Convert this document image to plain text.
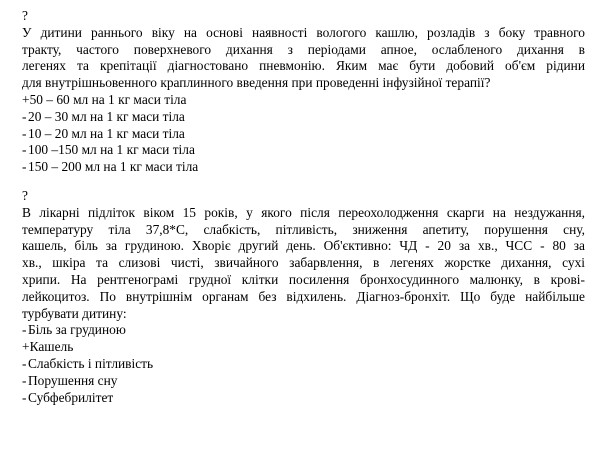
?
У дитини раннього віку на основі наявності вологого кашлю, розладів з боку травного
тракту, частого поверхневого дихання з періодами апное, ослабленого дихання в
легенях та крепітації діагностовано пневмонію. Яким має бути добовий об'єм рідини
для внутрішньовенного краплинного введення при проведенні інфузійної терапії?
+50 – 60 мл на 1 кг маси тіла
- 20 – 30 мл на 1 кг маси тіла
- 10 – 20 мл на 1 кг маси тіла
- 100 –150 мл на 1 кг маси тіла
- 150 – 200 мл на 1 кг маси тіла
?
В лікарні підліток віком 15 років, у якого після переохолодження скарги на нездужання,
температуру тіла 37,8*С, слабкість, пітливість, зниження апетиту, порушення сну,
кашель, біль за грудиною. Хворіє другий день. Об'єктивно: ЧД - 20 за хв., ЧСС - 80 за
хв., шкіра та слизові чисті, звичайного забарвлення, в легенях жорстке дихання, сухі
хрипи. На рентгенограмі грудної клітки посилення бронхосудинного малюнку, в крові-
лейкоцитоз. По внутрішнім органам без відхилень. Діагноз-бронхіт. Що буде найбільше
турбувати дитину:
- Біль за грудиною
+Кашель
- Слабкість і пітливість
- Порушення сну
- Субфебрилітет
